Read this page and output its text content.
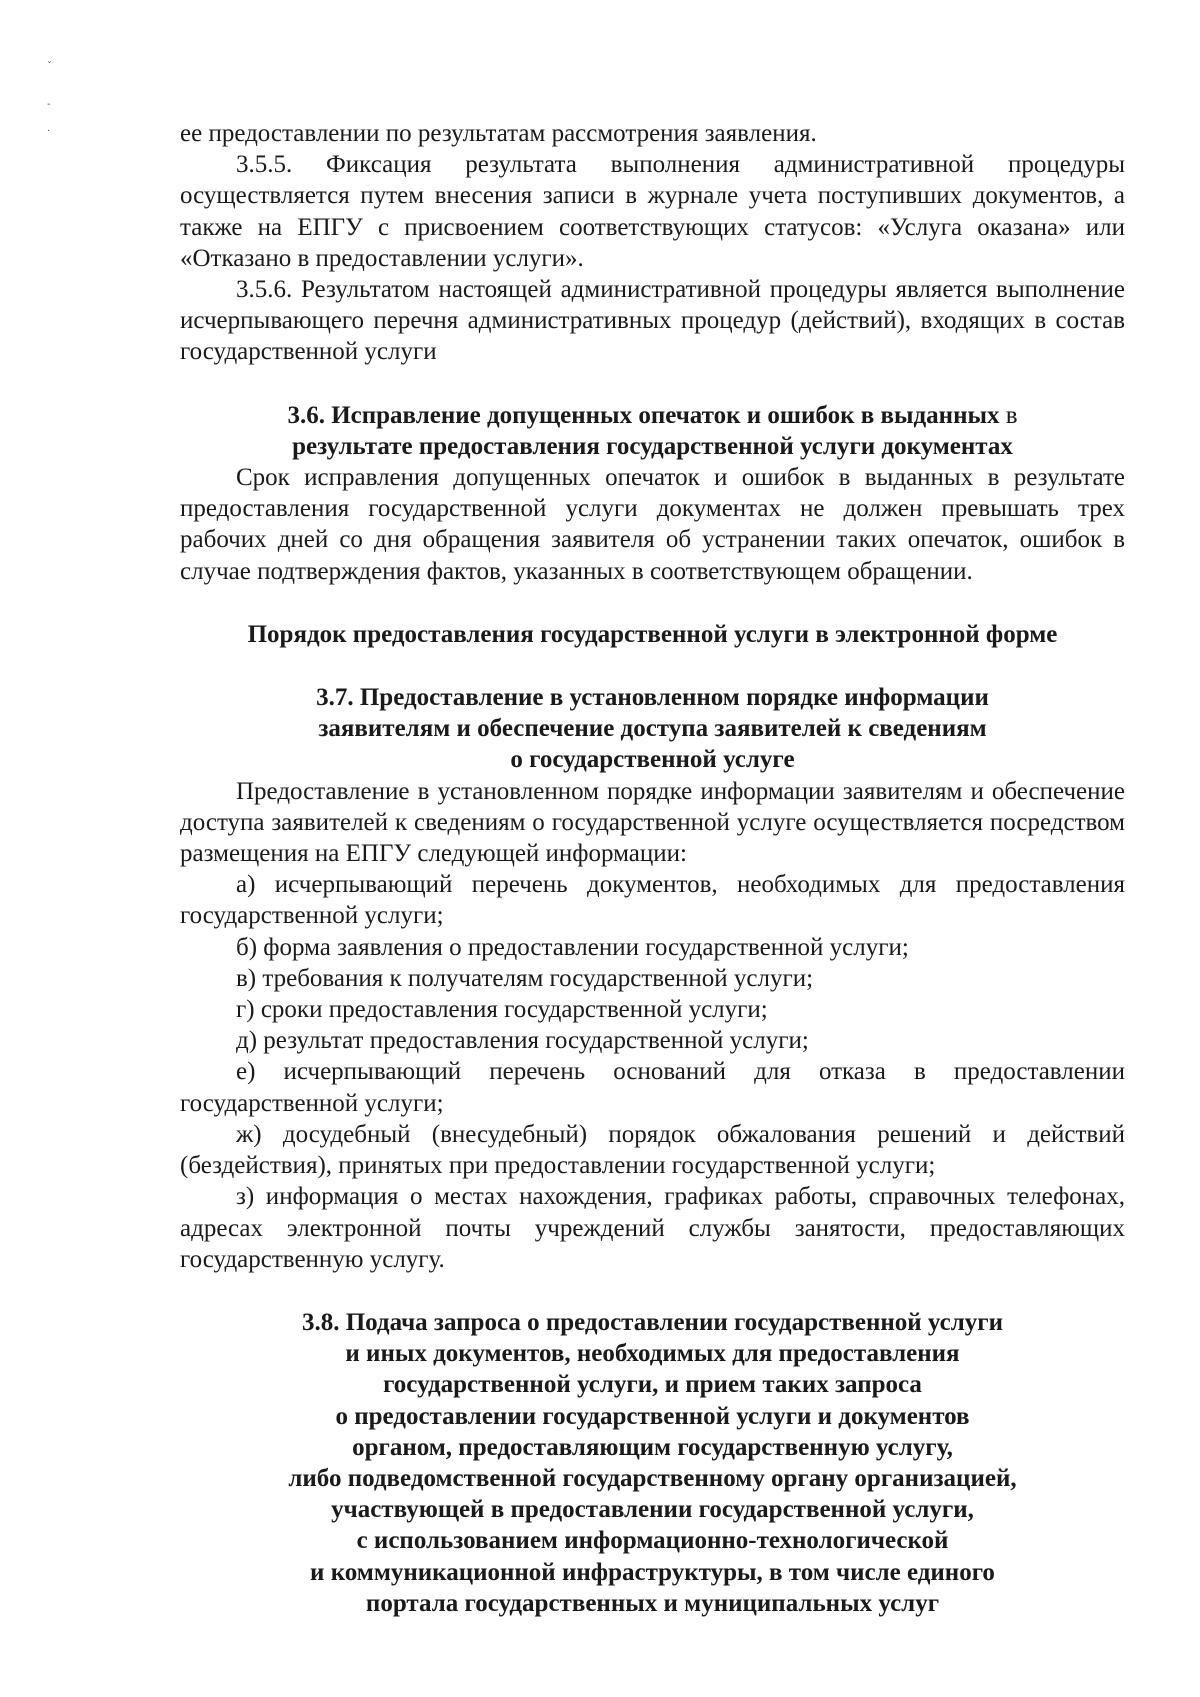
ˇ
-
·	ее предоставлении по результатам рассмотрения заявления.

3.5.5. Фиксация результата выполнения административной процедуры осуществляется путем внесения записи в журнале учета поступивших документов, а также на ЕПГУ с присвоением соответствующих статусов: «Услуга оказана» или «Отказано в предоставлении услуги».

3.5.6. Результатом настоящей административной процедуры является выполнение исчерпывающего перечня административных процедур (действий), входящих в состав государственной услуги

3.6. Исправление допущенных опечаток и ошибок в выданных в
результате предоставления государственной услуги документах

Срок исправления допущенных опечаток и ошибок в выданных в результате предоставления государственной услуги документах не должен превышать трех рабочих дней со дня обращения заявителя об устранении таких опечаток, ошибок в случае подтверждения фактов, указанных в соответствующем обращении.

Порядок предоставления государственной услуги в электронной форме
3.7. Предоставление в установленном порядке информации
заявителям и обеспечение доступа заявителей к сведениям
о государственной услуге

Предоставление в установленном порядке информации заявителям и обеспечение доступа заявителей к сведениям о государственной услуге осуществляется посредством размещения на ЕПГУ следующей информации:

а) исчерпывающий перечень документов, необходимых для предоставления государственной услуги;

б) форма заявления о предоставлении государственной услуги;

в) требования к получателям государственной услуги;

г) сроки предоставления государственной услуги;

д) результат предоставления государственной услуги;

е) исчерпывающий перечень оснований для отказа в предоставлении государственной услуги;

ж) досудебный (внесудебный) порядок обжалования решений и действий (бездействия), принятых при предоставлении государственной услуги;

з) информация о местах нахождения, графиках работы, справочных телефонах, адресах электронной почты учреждений службы занятости, предоставляющих государственную услугу.

3.8. Подача запроса о предоставлении государственной услуги
и иных документов, необходимых для предоставления
государственной услуги, и прием таких запроса
о предоставлении государственной услуги и документов
органом, предоставляющим государственную услугу,
либо подведомственной государственному органу организацией,
участвующей в предоставлении государственной услуги,
с использованием информационно-технологической
и коммуникационной инфраструктуры, в том числе единого
портала государственных и муниципальных услуг
